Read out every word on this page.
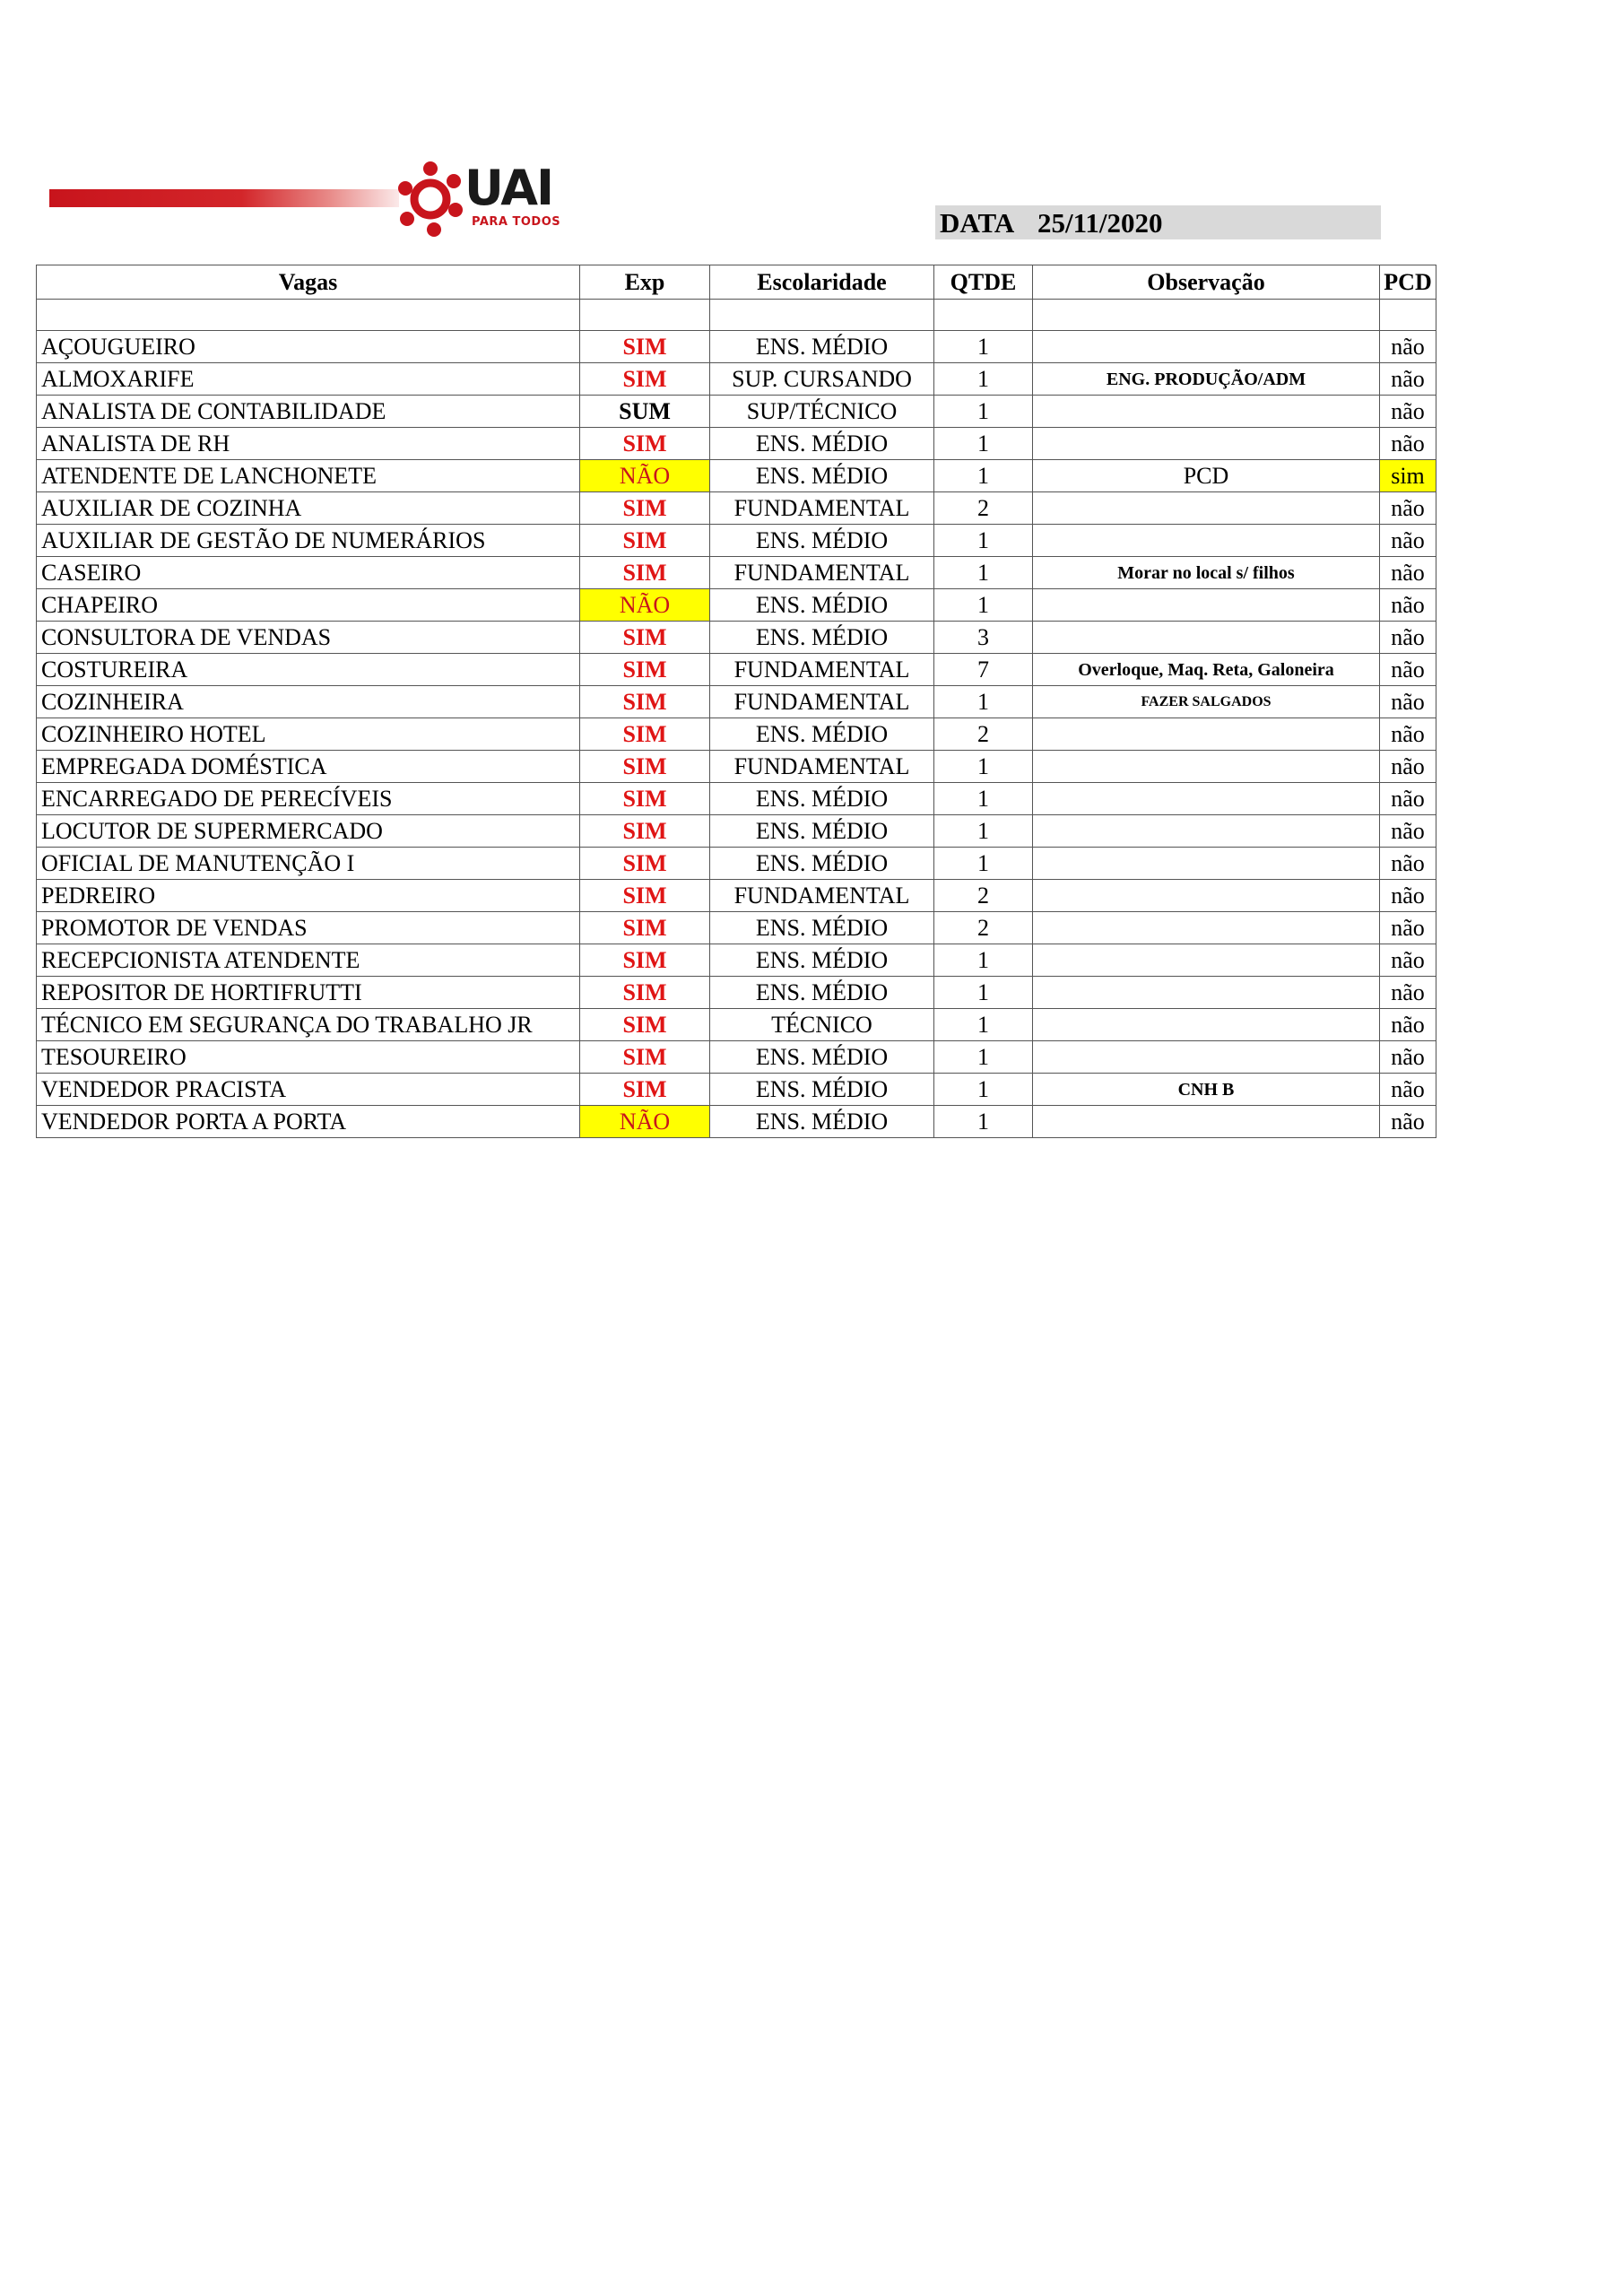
UAI
PARA TODOS	DATA 25/11/2020
Vagas	Exp	Escolaridade	QTDE	Observação	PCD

AÇOUGUEIRO	SIM	ENS. MÉDIO	1		não
ALMOXARIFE	SIM	SUP. CURSANDO	1	ENG. PRODUÇÃO/ADM	não
ANALISTA DE CONTABILIDADE	SUM	SUP/TÉCNICO	1		não
ANALISTA DE RH	SIM	ENS. MÉDIO	1		não
ATENDENTE DE LANCHONETE	NÃO	ENS. MÉDIO	1	PCD	sim
AUXILIAR DE COZINHA	SIM	FUNDAMENTAL	2		não
AUXILIAR DE GESTÃO DE NUMERÁRIOS	SIM	ENS. MÉDIO	1		não
CASEIRO	SIM	FUNDAMENTAL	1	Morar no local s/ filhos	não
CHAPEIRO	NÃO	ENS. MÉDIO	1		não
CONSULTORA DE VENDAS	SIM	ENS. MÉDIO	3		não
COSTUREIRA	SIM	FUNDAMENTAL	7	Overloque, Maq. Reta, Galoneira	não
COZINHEIRA	SIM	FUNDAMENTAL	1	FAZER SALGADOS	não
COZINHEIRO HOTEL	SIM	ENS. MÉDIO	2		não
EMPREGADA DOMÉSTICA	SIM	FUNDAMENTAL	1		não
ENCARREGADO DE PERECÍVEIS	SIM	ENS. MÉDIO	1		não
LOCUTOR DE SUPERMERCADO	SIM	ENS. MÉDIO	1		não
OFICIAL DE MANUTENÇÃO I	SIM	ENS. MÉDIO	1		não
PEDREIRO	SIM	FUNDAMENTAL	2		não
PROMOTOR DE VENDAS	SIM	ENS. MÉDIO	2		não
RECEPCIONISTA ATENDENTE	SIM	ENS. MÉDIO	1		não
REPOSITOR DE HORTIFRUTTI	SIM	ENS. MÉDIO	1		não
TÉCNICO EM SEGURANÇA DO TRABALHO JR	SIM	TÉCNICO	1		não
TESOUREIRO	SIM	ENS. MÉDIO	1		não
VENDEDOR PRACISTA	SIM	ENS. MÉDIO	1	CNH B	não
VENDEDOR PORTA A PORTA	NÃO	ENS. MÉDIO	1		não
